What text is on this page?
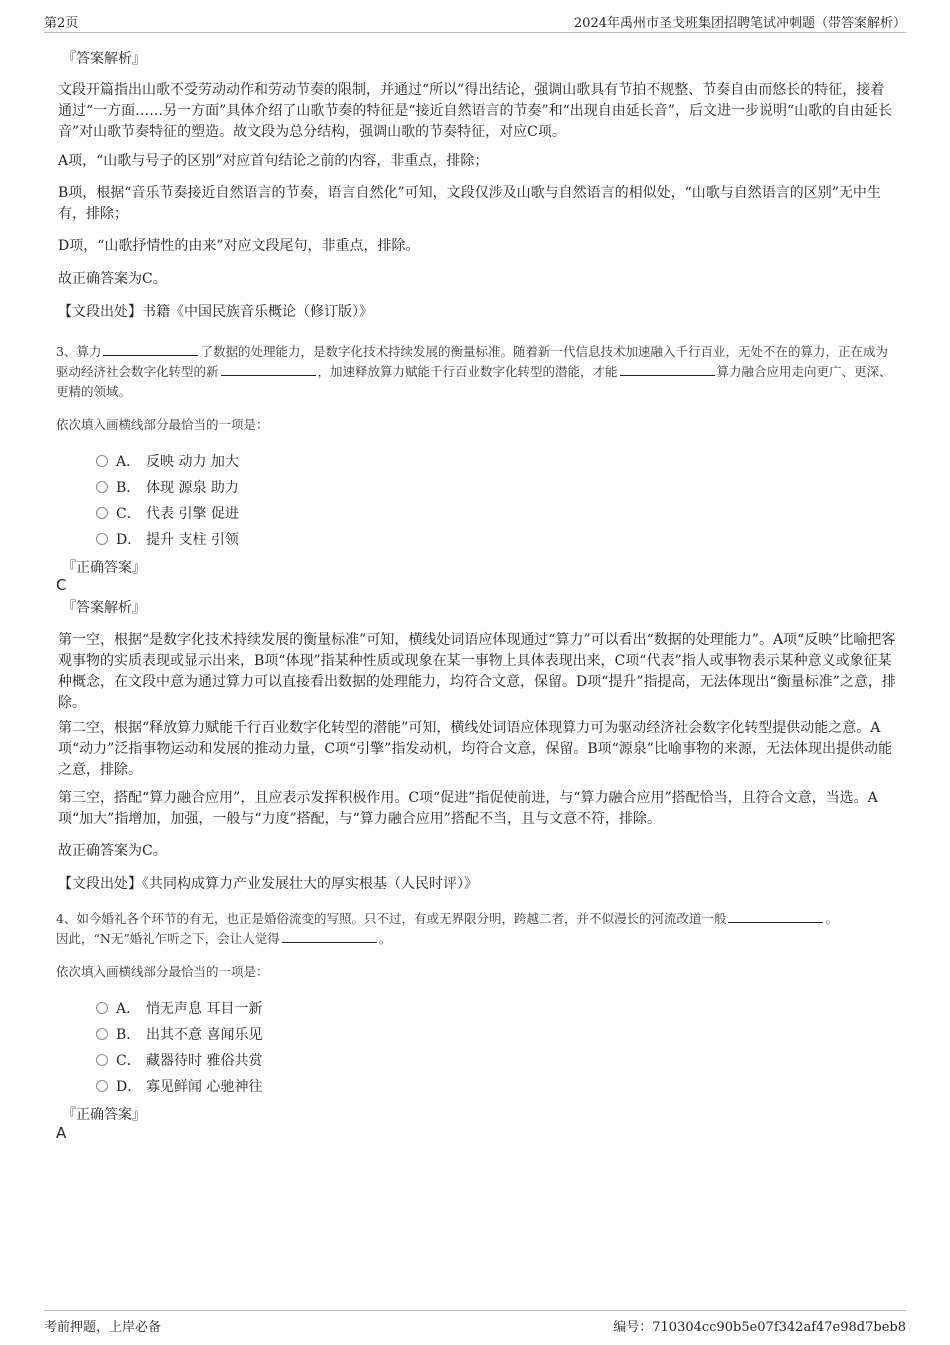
第2页	2024年禹州市圣戈班集团招聘笔试冲刺题（带答案解析）
『答案解析』
文段开篇指出山歌不受劳动动作和劳动节奏的限制，并通过“所以”得出结论，强调山歌具有节拍不规整、节奏自由而悠长的特征，接着通过“一方面……另一方面”具体介绍了山歌节奏的特征是“接近自然语言的节奏”和“出现自由延长音”，后文进一步说明“山歌的自由延长音”对山歌节奏特征的塑造。故文段为总分结构，强调山歌的节奏特征，对应C项。
A项，“山歌与号子的区别”对应首句结论之前的内容，非重点，排除；
B项，根据“音乐节奏接近自然语言的节奏，语言自然化”可知，文段仅涉及山歌与自然语言的相似处，“山歌与自然语言的区别”无中生有，排除；
D项，“山歌抒情性的由来”对应文段尾句，非重点，排除。
故正确答案为C。
【文段出处】书籍《中国民族音乐概论（修订版）》
3、算力	了数据的处理能力，是数字化技术持续发展的衡量标准。随着新一代信息技术加速融入千行百业，无处不在的算力，正在成为驱动经济社会数字化转型的新	，加速释放算力赋能千行百业数字化转型的潜能，才能	算力融合应用走向更广、更深、更精的领域。
依次填入画横线部分最恰当的一项是：
A． 反映 动力 加大
B． 体现 源泉 助力
C． 代表 引擎 促进
D． 提升 支柱 引领
『正确答案』
C
『答案解析』
第一空，根据“是数字化技术持续发展的衡量标准”可知，横线处词语应体现通过“算力”可以看出“数据的处理能力”。A项“反映”比喻把客观事物的实质表现或显示出来，B项“体现”指某种性质或现象在某一事物上具体表现出来，C项“代表”指人或事物表示某种意义或象征某种概念，在文段中意为通过算力可以直接看出数据的处理能力，均符合文意，保留。D项“提升”指提高，无法体现出“衡量标准”之意，排除。
第二空，根据“释放算力赋能千行百业数字化转型的潜能”可知，横线处词语应体现算力可为驱动经济社会数字化转型提供动能之意。A项“动力”泛指事物运动和发展的推动力量，C项“引擎”指发动机，均符合文意，保留。B项“源泉”比喻事物的来源，无法体现出提供动能之意，排除。
第三空，搭配“算力融合应用”，且应表示发挥积极作用。C项“促进”指促使前进，与“算力融合应用”搭配恰当，且符合文意，当选。A项“加大”指增加，加强，一般与“力度”搭配，与“算力融合应用”搭配不当，且与文意不符，排除。
故正确答案为C。
【文段出处】《共同构成算力产业发展壮大的厚实根基（人民时评）》
4、如今婚礼各个环节的有无，也正是婚俗流变的写照。只不过，有或无界限分明，跨越二者，并不似漫长的河流改道一般	。
因此，“N无”婚礼乍听之下，会让人觉得	。
依次填入画横线部分最恰当的一项是：
A． 悄无声息 耳目一新
B． 出其不意 喜闻乐见
C． 藏器待时 雅俗共赏
D． 寡见鲜闻 心驰神往
『正确答案』
A
考前押题，上岸必备	编号：710304cc90b5e07f342af47e98d7beb8
